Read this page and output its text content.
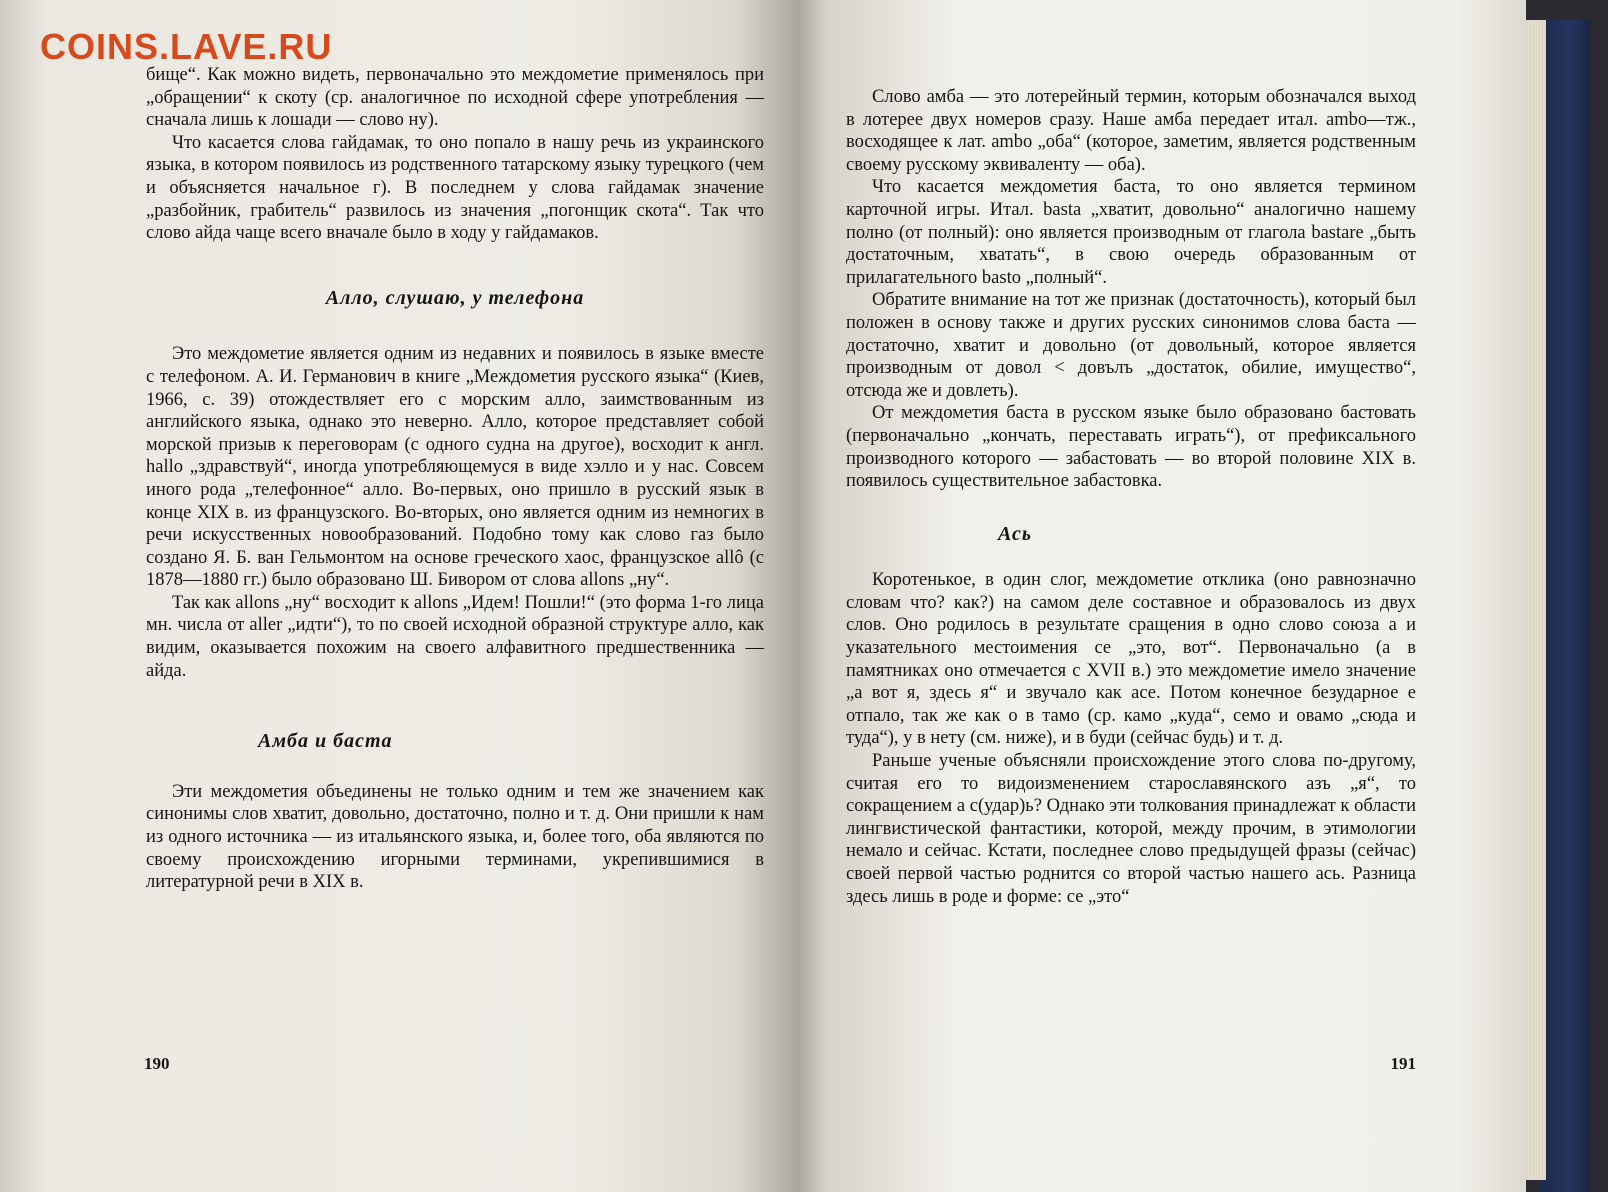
бище“. Как можно видеть, первоначально это междометие применялось при „обращении“ к скоту (ср. аналогичное по исходной сфере употребления — сначала лишь к лошади — слово ну).

Что касается слова гайдамак, то оно попало в нашу речь из украинского языка, в котором появилось из родственного татарскому языку турецкого (чем и объясняется начальное г). В последнем у слова гайдамак значение „разбойник, грабитель“ развилось из значения „погонщик скота“. Так что слово айда чаще всего вначале было в ходу у гайдамаков.

Алло, слушаю, у телефона

Это междометие является одним из недавних и появилось в языке вместе с телефоном. А. И. Германович в книге „Междометия русского языка“ (Киев, 1966, с. 39) отождествляет его с морским алло, заимствованным из английского языка, однако это неверно. Алло, которое представляет собой морской призыв к переговорам (с одного судна на другое), восходит к англ. hallo „здравствуй“, иногда употребляющемуся в виде хэлло и у нас. Совсем иного рода „телефонное“ алло. Во-первых, оно пришло в русский язык в конце XIX в. из французского. Во-вторых, оно является одним из немногих в речи искусственных новообразований. Подобно тому как слово газ было создано Я. Б. ван Гельмонтом на основе греческого хаос, французское allô (с 1878—1880 гг.) было образовано Ш. Бивором от слова allons „ну“.

Так как allons „ну“ восходит к allons „Идем! Пошли!“ (это форма 1-го лица мн. числа от aller „идти“), то по своей исходной образной структуре алло, как видим, оказывается похожим на своего алфавитного предшественника — айда.

Амба и баста

Эти междометия объединены не только одним и тем же значением как синонимы слов хватит, довольно, достаточно, полно и т. д. Они пришли к нам из одного источника — из итальянского языка, и, более того, оба являются по своему происхождению игорными терминами, укрепившимися в литературной речи в XIX в.

190

Слово амба — это лотерейный термин, которым обозначался выход в лотерее двух номеров сразу. Наше амба передает итал. ambo—тж., восходящее к лат. ambo „оба“ (которое, заметим, является родственным своему русскому эквиваленту — оба).

Что касается междометия баста, то оно является термином карточной игры. Итал. basta „хватит, довольно“ аналогично нашему полно (от полный): оно является производным от глагола bastare „быть достаточным, хватать“, в свою очередь образованным от прилагательного basto „полный“.

Обратите внимание на тот же признак (достаточность), который был положен в основу также и других русских синонимов слова баста — достаточно, хватит и довольно (от довольный, которое является производным от довол < довълъ „достаток, обилие, имущество“, отсюда же и довлеть).

От междометия баста в русском языке было образовано бастовать (первоначально „кончать, переставать играть“), от префиксального производного которого — забастовать — во второй половине XIX в. появилось существительное забастовка.

Ась

Коротенькое, в один слог, междометие отклика (оно равнозначно словам что? как?) на самом деле составное и образовалось из двух слов. Оно родилось в результате сращения в одно слово союза а и указательного местоимения се „это, вот“. Первоначально (а в памятниках оно отмечается с XVII в.) это междометие имело значение „а вот я, здесь я“ и звучало как асе. Потом конечное безударное е отпало, так же как о в тамо (ср. камо „куда“, семо и овамо „сюда и туда“), у в нету (см. ниже), и в буди (сейчас будь) и т. д.

Раньше ученые объясняли происхождение этого слова по-другому, считая его то видоизменением старославянского азъ „я“, то сокращением а с(удар)ь? Однако эти толкования принадлежат к области лингвистической фантастики, которой, между прочим, в этимологии немало и сейчас. Кстати, последнее слово предыдущей фразы (сейчас) своей первой частью роднится со второй частью нашего ась. Разница здесь лишь в роде и форме: се „это“

191
COINS.LAVE.RU
